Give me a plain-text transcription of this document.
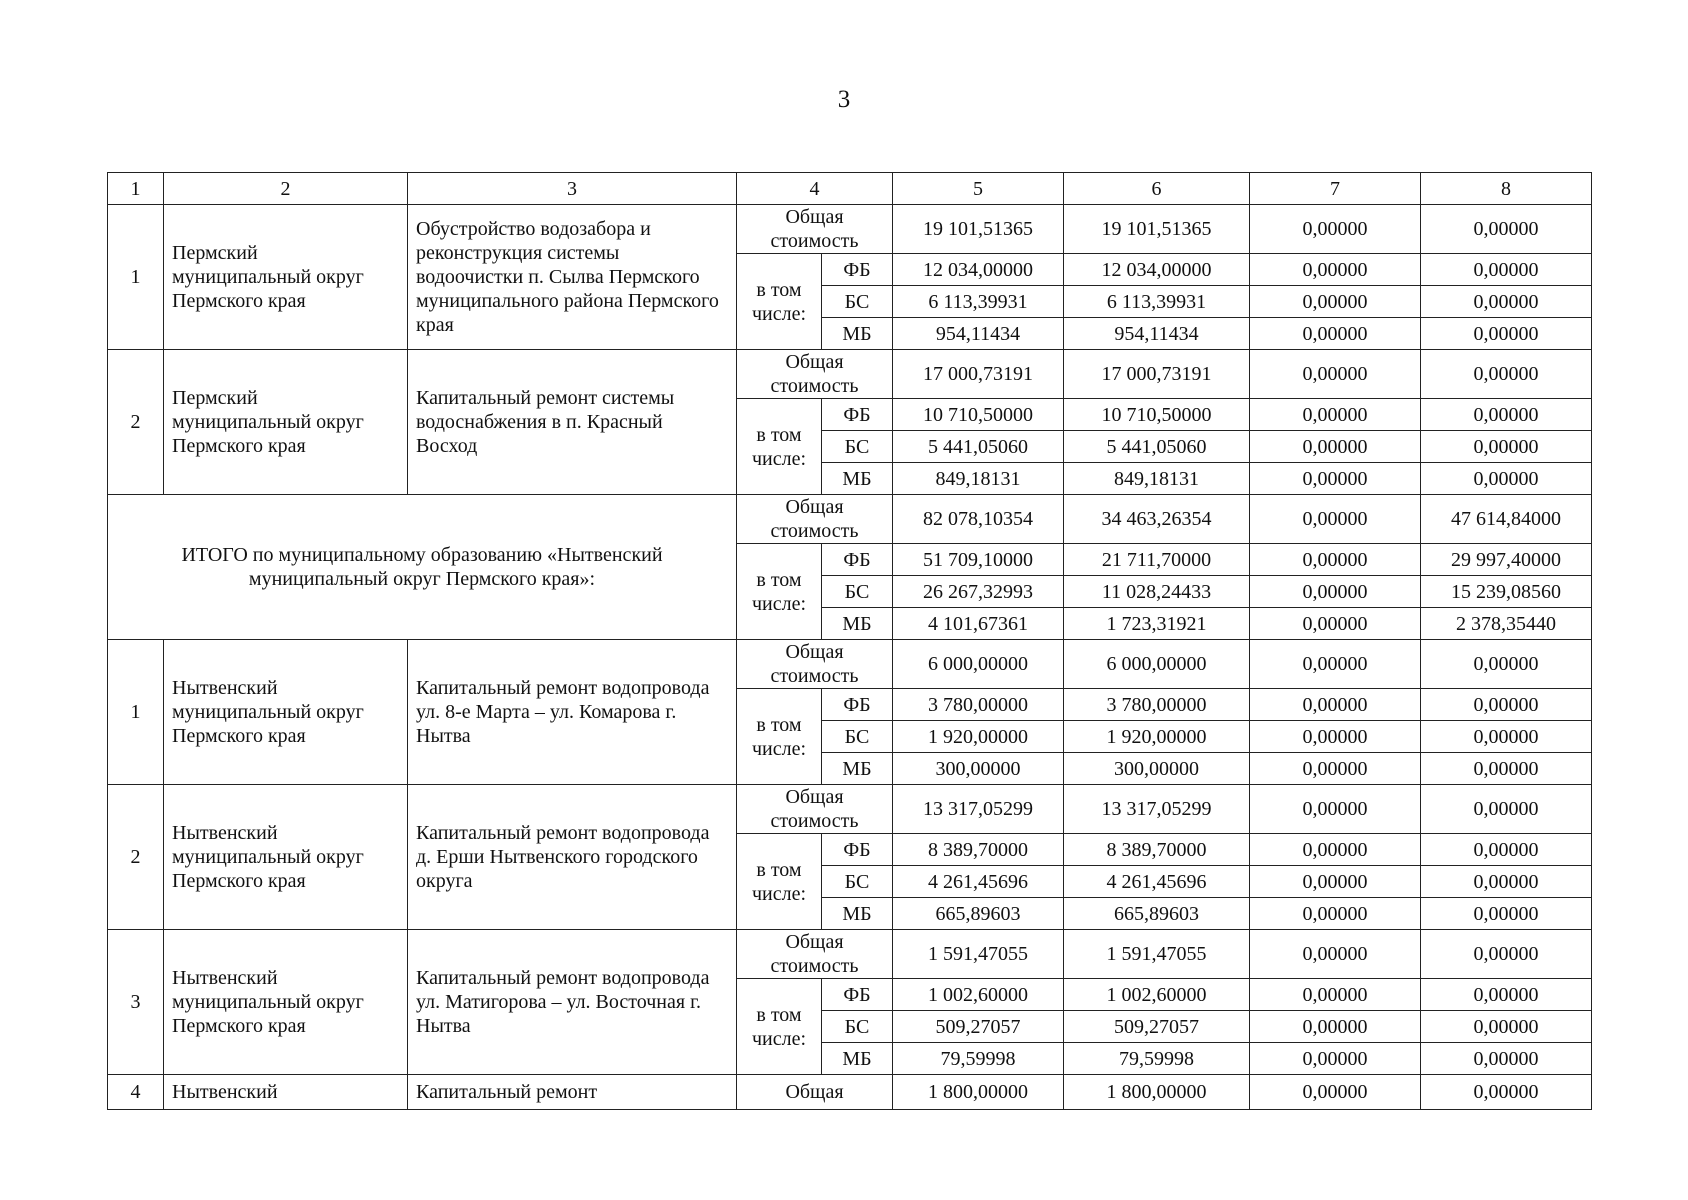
3
1	2	3	4		5	6	7	8
1	Пермский муниципальный округ Пермского края	Обустройство водозабора и реконструкция системы водоочистки п. Сылва Пермского муниципального района Пермского края	Общая стоимость		19 101,51365	19 101,51365	0,00000	0,00000
			в том числе:	ФБ	12 034,00000	12 034,00000	0,00000	0,00000
				БС	6 113,39931	6 113,39931	0,00000	0,00000
				МБ	954,11434	954,11434	0,00000	0,00000
2	Пермский муниципальный округ Пермского края	Капитальный ремонт системы водоснабжения в п. Красный Восход	Общая стоимость		17 000,73191	17 000,73191	0,00000	0,00000
			в том числе:	ФБ	10 710,50000	10 710,50000	0,00000	0,00000
				БС	5 441,05060	5 441,05060	0,00000	0,00000
				МБ	849,18131	849,18131	0,00000	0,00000
ИТОГО по муниципальному образованию «Нытвенский муниципальный округ Пермского края»:			Общая стоимость		82 078,10354	34 463,26354	0,00000	47 614,84000
			в том числе:	ФБ	51 709,10000	21 711,70000	0,00000	29 997,40000
				БС	26 267,32993	11 028,24433	0,00000	15 239,08560
				МБ	4 101,67361	1 723,31921	0,00000	2 378,35440
1	Нытвенский муниципальный округ Пермского края	Капитальный ремонт водопровода ул. 8-е Марта – ул. Комарова г. Нытва	Общая стоимость		6 000,00000	6 000,00000	0,00000	0,00000
			в том числе:	ФБ	3 780,00000	3 780,00000	0,00000	0,00000
				БС	1 920,00000	1 920,00000	0,00000	0,00000
				МБ	300,00000	300,00000	0,00000	0,00000
2	Нытвенский муниципальный округ Пермского края	Капитальный ремонт водопровода д. Ерши Нытвенского городского округа	Общая стоимость		13 317,05299	13 317,05299	0,00000	0,00000
			в том числе:	ФБ	8 389,70000	8 389,70000	0,00000	0,00000
				БС	4 261,45696	4 261,45696	0,00000	0,00000
				МБ	665,89603	665,89603	0,00000	0,00000
3	Нытвенский муниципальный округ Пермского края	Капитальный ремонт водопровода ул. Матигорова – ул. Восточная г. Нытва	Общая стоимость		1 591,47055	1 591,47055	0,00000	0,00000
			в том числе:	ФБ	1 002,60000	1 002,60000	0,00000	0,00000
				БС	509,27057	509,27057	0,00000	0,00000
				МБ	79,59998	79,59998	0,00000	0,00000
4	Нытвенский	Капитальный ремонт	Общая		1 800,00000	1 800,00000	0,00000	0,00000
